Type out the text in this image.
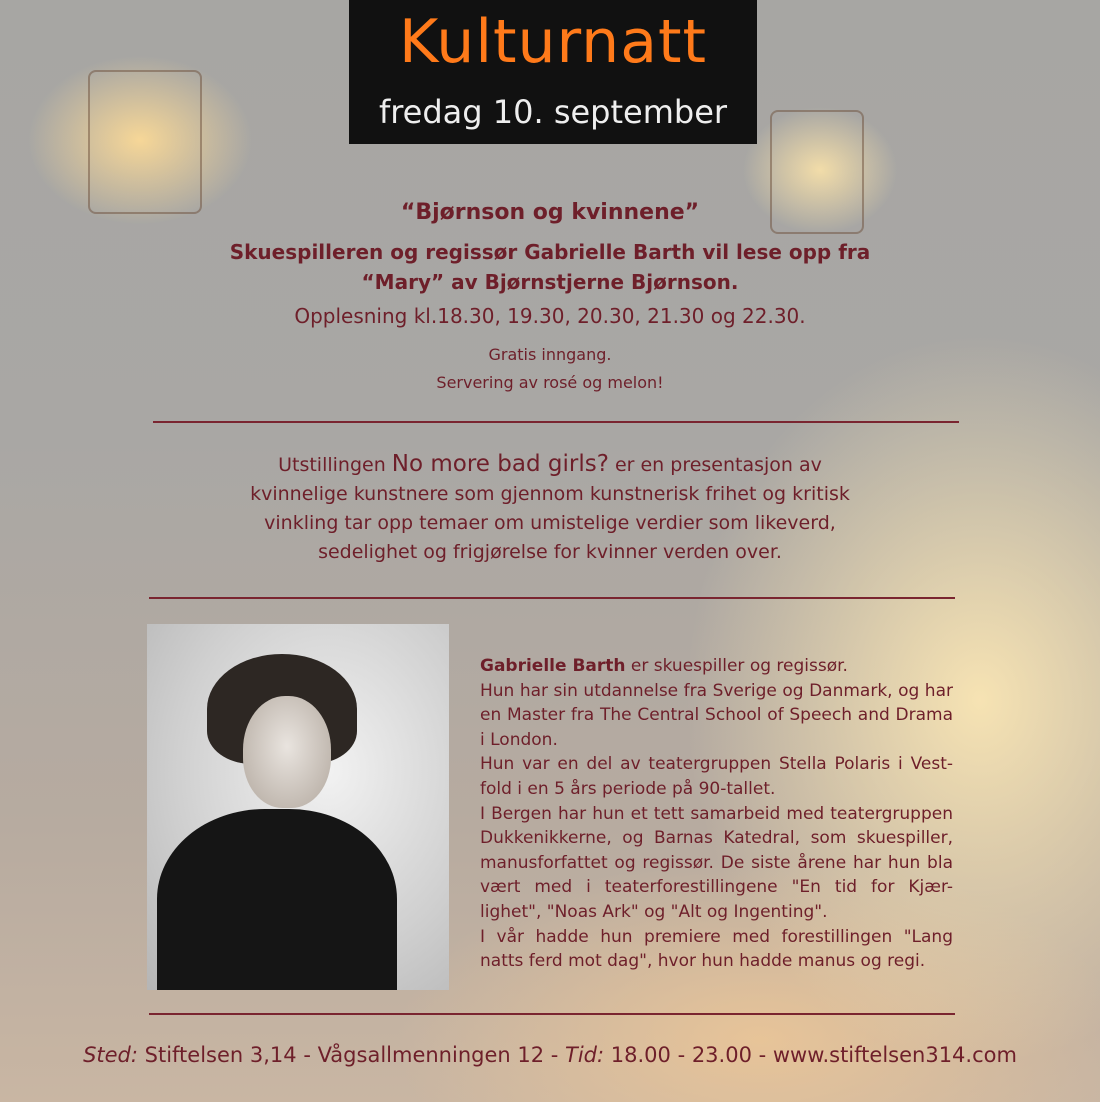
Kulturnatt
fredag 10. september
“Bjørnson og kvinnene”
Skuespilleren og regissør Gabrielle Barth vil lese opp fra
“Mary” av Bjørnstjerne Bjørnson.
Opplesning kl.18.30, 19.30, 20.30, 21.30 og 22.30.
Gratis inngang.
Servering av rosé og melon!
Utstillingen No more bad girls? er en presentasjon av
kvinnelige kunstnere som gjennom kunstnerisk frihet og kritisk
vinkling tar opp temaer om umistelige verdier som likeverd,
sedelighet og frigjørelse for kvinner verden over.

Gabrielle Barth er skuespiller og regissør.

Hun har sin utdannelse fra Sverige og Danmark, og har en Master fra The Central School of Speech and Drama i London.

Hun var en del av teatergruppen Stella Polaris i Vest-fold i en 5 års periode på 90-tallet.

I Bergen har hun et tett samarbeid med teatergruppen Dukkenikkerne, og Barnas Katedral, som skuespiller, manusforfattet og regissør. De siste årene har hun bla vært med i teaterforestillingene "En tid for Kjær-lighet", "Noas Ark" og "Alt og Ingenting".

I vår hadde hun premiere med forestillingen "Lang natts ferd mot dag", hvor hun hadde manus og regi.

Sted: Stiftelsen 3,14 - Vågsallmenningen 12 - Tid: 18.00 - 23.00 - www.stiftelsen314.com
